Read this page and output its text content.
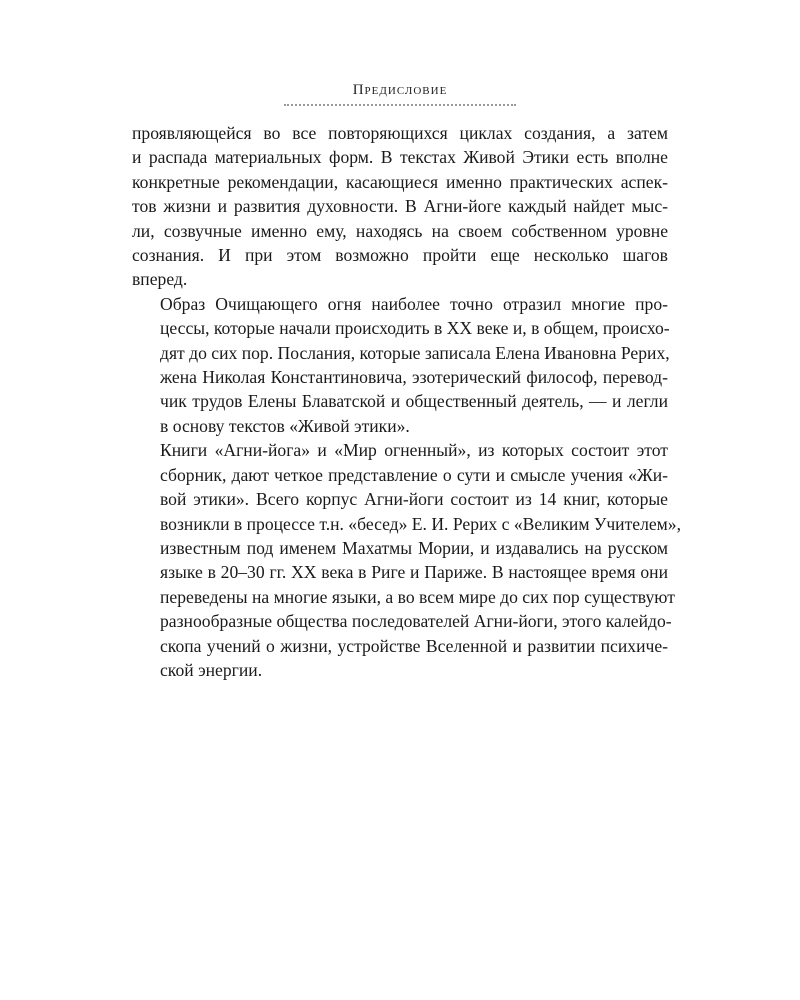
Предисловие

проявляющейся во все повторяющихся циклах создания, а затем
и распада материальных форм. В текстах Живой Этики есть вполне
конкретные рекомендации, касающиеся именно практических аспек-
тов жизни и развития духовности. В Агни-йоге каждый найдет мыс-
ли, созвучные именно ему, находясь на своем собственном уровне
сознания. И при этом возможно пройти еще несколько шагов
вперед.

Образ Очищающего огня наиболее точно отразил многие про-
цессы, которые начали происходить в XX веке и, в общем, происхо-
дят до сих пор. Послания, которые записала Елена Ивановна Рерих,
жена Николая Константиновича, эзотерический философ, перевод-
чик трудов Елены Блаватской и общественный деятель, — и легли
в основу текстов «Живой этики».

Книги «Агни-йога» и «Мир огненный», из которых состоит этот
сборник, дают четкое представление о сути и смысле учения «Жи-
вой этики». Всего корпус Агни-йоги состоит из 14 книг, которые
возникли в процессе т.н. «бесед» Е. И. Рерих с «Великим Учителем»,
известным под именем Махатмы Мории, и издавались на русском
языке в 20–30 гг. XX века в Риге и Париже. В настоящее время они
переведены на многие языки, а во всем мире до сих пор существуют
разнообразные общества последователей Агни-йоги, этого калейдо-
скопа учений о жизни, устройстве Вселенной и развитии психиче-
ской энергии.
